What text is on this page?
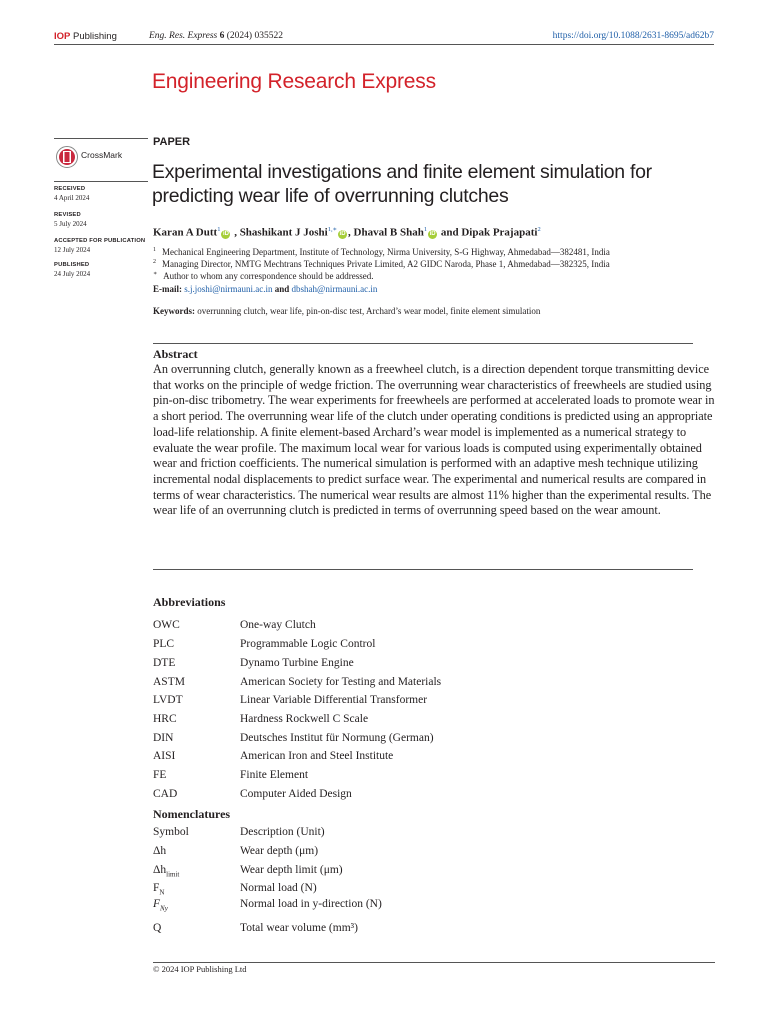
IOP Publishing	Eng. Res. Express 6 (2024) 035522	https://doi.org/10.1088/2631-8695/ad62b7
Engineering Research Express
CrossMark
RECEIVED
4 April 2024
REVISED
5 July 2024
ACCEPTED FOR PUBLICATION
12 July 2024
PUBLISHED
24 July 2024
PAPER
Experimental investigations and finite element simulation for predicting wear life of overrunning clutches
Karan A Dutt$^1$iD , Shashikant J Joshi$^{1,∗}$iD , Dhaval B Shah$^1$iD and Dipak Prajapati$^2$
$^1$ Mechanical Engineering Department, Institute of Technology, Nirma University, S-G Highway, Ahmedabad—382481, India
$^2$ Managing Director, NMTG Mechtrans Techniques Private Limited, A2 GIDC Naroda, Phase 1, Ahmedabad—382325, India
∗ Author to whom any correspondence should be addressed.
E-mail: s.j.joshi@nirmauni.ac.in and dbshah@nirmauni.ac.in
Keywords: overrunning clutch, wear life, pin-on-disc test, Archard’s wear model, finite element simulation
Abstract
An overrunning clutch, generally known as a freewheel clutch, is a direction dependent torque transmitting device that works on the principle of wedge friction. The overrunning wear characteristics of freewheels are studied using pin-on-disc tribometry. The wear experiments for freewheels are performed at accelerated loads to promote wear in a short period. The overrunning wear life of the clutch under operating conditions is predicted using an appropriate load-life relationship. A finite element-based Archard’s wear model is implemented as a numerical strategy to evaluate the wear profile. The maximum local wear for various loads is computed using experimentally obtained wear and friction coefficients. The numerical simulation is performed with an adaptive mesh technique utilizing incremental nodal displacements to predict surface wear. The experimental and numerical results are compared in terms of wear characteristics. The numerical wear results are almost 11% higher than the experimental results. The wear life of an overrunning clutch is predicted in terms of overrunning speed based on the wear amount.
Abbreviations
OWC	One-way Clutch
PLC	Programmable Logic Control
DTE	Dynamo Turbine Engine
ASTM	American Society for Testing and Materials
LVDT	Linear Variable Differential Transformer
HRC	Hardness Rockwell C Scale
DIN	Deutsches Institut für Normung (German)
AISI	American Iron and Steel Institute
FE	Finite Element
CAD	Computer Aided Design
Nomenclatures
Symbol	Description (Unit)
Δh	Wear depth (μm)
$\Delta h_{limit}$	Wear depth limit (μm)
$F_N$	Normal load (N)
$F_{Ny}$	Normal load in y-direction (N)
Q	Total wear volume (mm³)
© 2024 IOP Publishing Ltd
